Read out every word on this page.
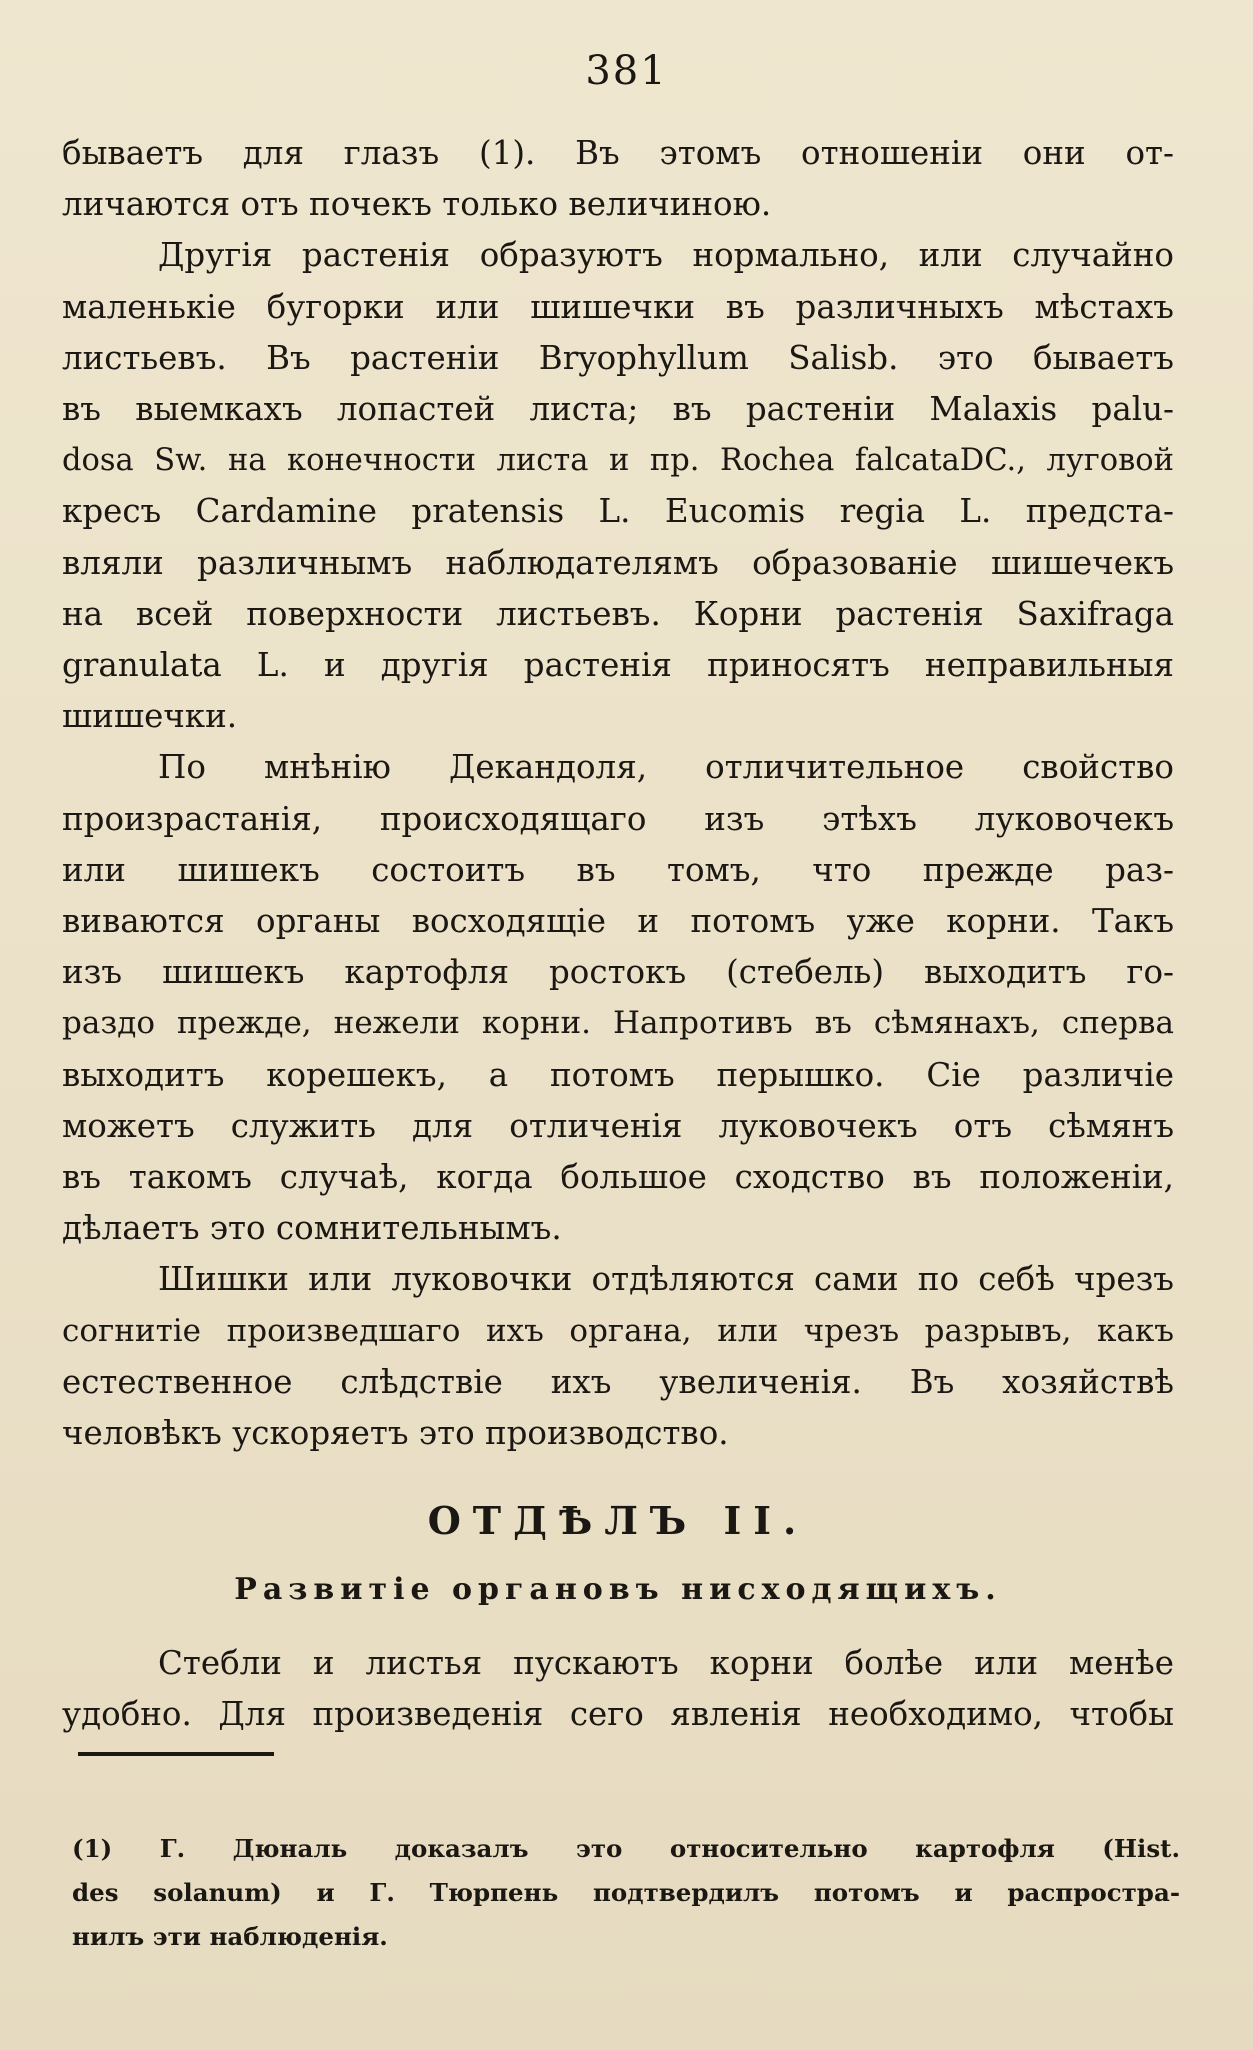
381

бываетъ для глазъ (1). Въ этомъ отношеніи они от-
личаются отъ почекъ только величиною.

Другія растенія образуютъ нормально, или случайно
маленькіе бугорки или шишечки въ различныхъ мѣстахъ
листьевъ. Въ растеніи Bryophyllum Salisb. это бываетъ
въ выемкахъ лопастей листа; въ растеніи Malaxis palu-
dosa Sw. на конечности листа и пр. Rochea falcataDC., луговой
кресъ Cardamine pratensis L. Eucomis regia L. предста-
вляли различнымъ наблюдателямъ образованіе шишечекъ
на всей поверхности листьевъ. Корни растенія Saxifraga
granulata L. и другія растенія приносятъ неправильныя
шишечки.

По мнѣнію Декандоля, отличительное свойство
произрастанія, происходящаго изъ этѣхъ луковочекъ
или шишекъ состоитъ въ томъ, что прежде раз-
виваются органы восходящіе и потомъ уже корни. Такъ
изъ шишекъ картофля ростокъ (стебель) выходитъ го-
раздо прежде, нежели корни. Напротивъ въ сѣмянахъ, сперва
выходитъ корешекъ, а потомъ перышко. Сіе различіе
можетъ служить для отличенія луковочекъ отъ сѣмянъ
въ такомъ случаѣ, когда большое сходство въ положеніи,
дѣлаетъ это сомнительнымъ.

Шишки или луковочки отдѣляются сами по себѣ чрезъ
согнитіе произведшаго ихъ органа, или чрезъ разрывъ, какъ
естественное слѣдствіе ихъ увеличенія. Въ хозяйствѣ
человѣкъ ускоряетъ это производство.

ОТДѢЛЪ II.
Развитіе органовъ нисходящихъ.

Стебли и листья пускаютъ корни болѣе или менѣе
удобно. Для произведенія сего явленія необходимо, чтобы

(1) Г. Дюналь доказалъ это относительно картофля (Hist.
des solanum) и Г. Тюрпень подтвердилъ потомъ и распростра-
нилъ эти наблюденія.
